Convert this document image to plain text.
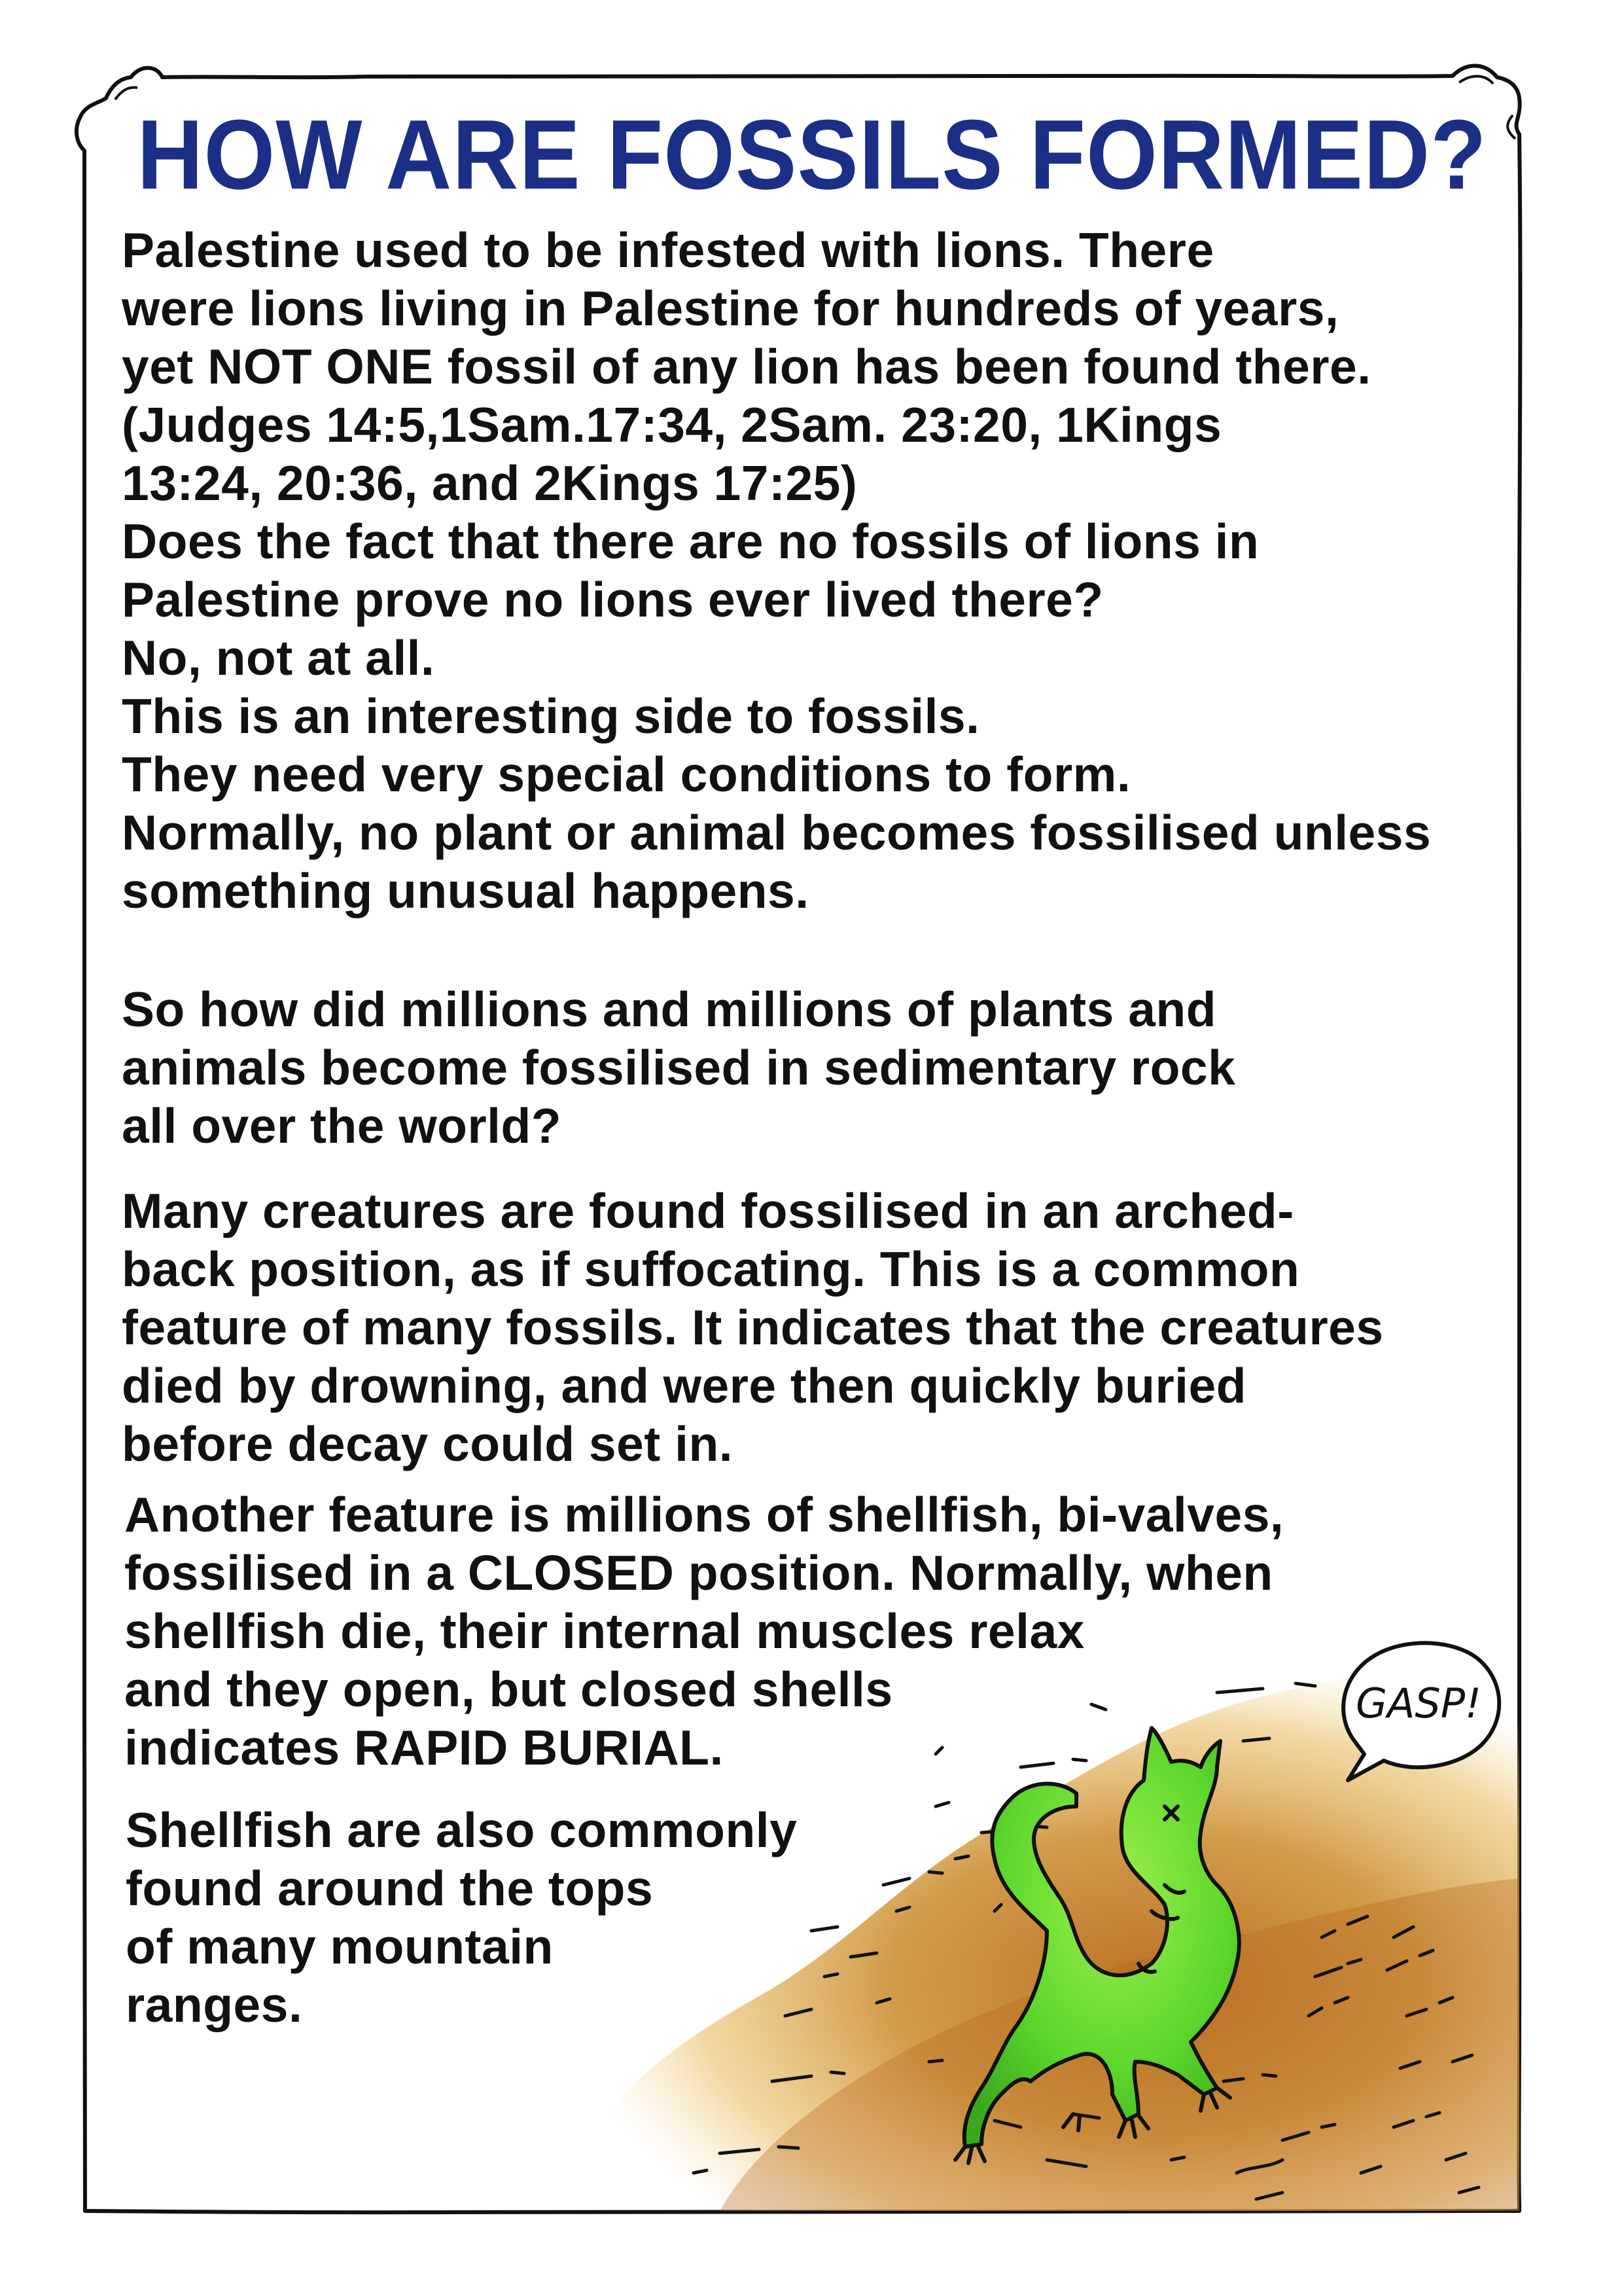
GASP!
HOW ARE FOSSILS FORMED?
Palestine used to be infested with lions. There
were lions living in Palestine for hundreds of years,
yet NOT ONE fossil of any lion has been found there.
(Judges 14:5,1Sam.17:34, 2Sam. 23:20, 1Kings
13:24, 20:36, and 2Kings 17:25)
Does the fact that there are no fossils of lions in
Palestine prove no lions ever lived there?
No, not at all.
This is an interesting side to fossils.
They need very special conditions to form.
Normally, no plant or animal becomes fossilised unless
something unusual happens.
So how did millions and millions of plants and
animals become fossilised in sedimentary rock
all over the world?
Many creatures are found fossilised in an arched-
back position, as if suffocating. This is a common
feature of many fossils. It indicates that the creatures
died by drowning, and were then quickly buried
before decay could set in.
Another feature is millions of shellfish, bi-valves,
fossilised in a CLOSED position. Normally, when
shellfish die, their internal muscles relax
and they open, but closed shells
indicates RAPID BURIAL.
Shellfish are also commonly
found around the tops
of many mountain
ranges.
